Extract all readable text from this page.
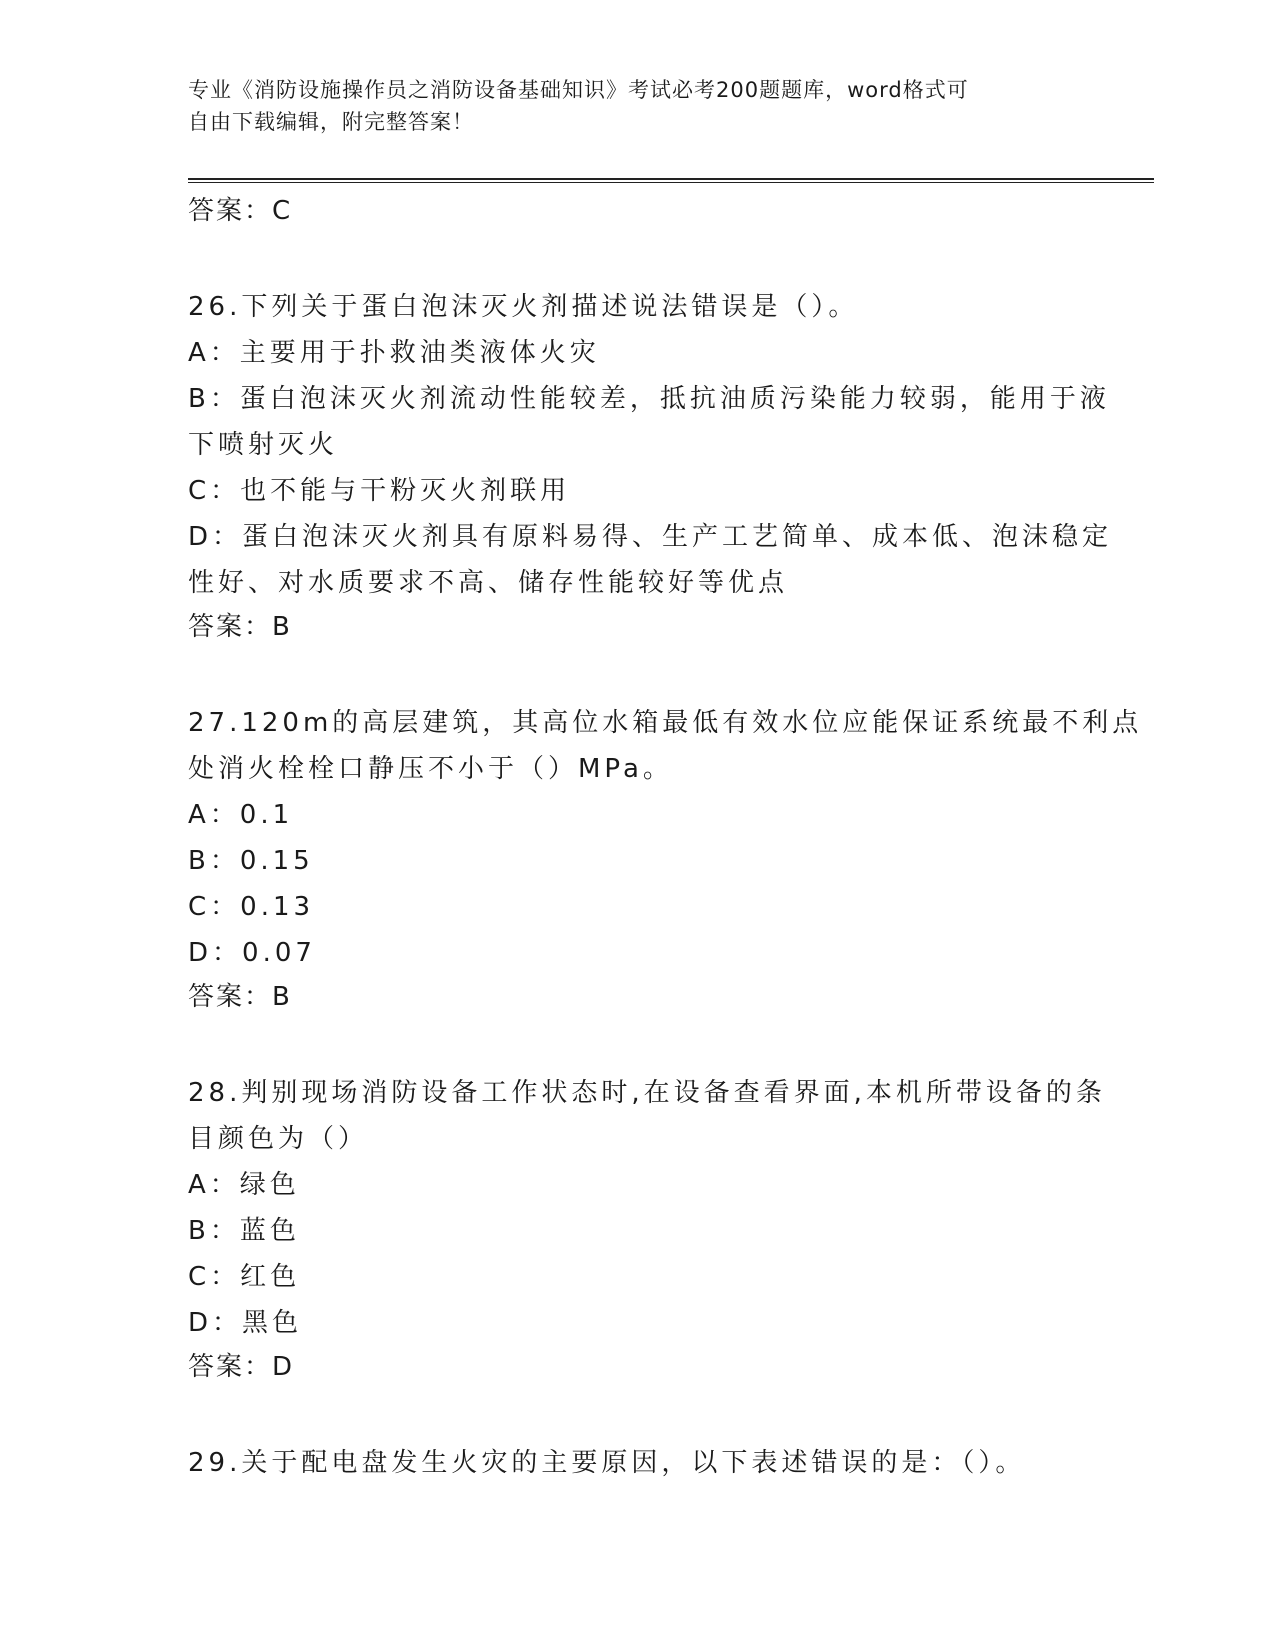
专业《消防设施操作员之消防设备基础知识》考试必考200题题库，word格式可
自由下载编辑，附完整答案！
答案：C
26.下列关于蛋白泡沫灭火剂描述说法错误是（）。
A：主要用于扑救油类液体火灾
B：蛋白泡沫灭火剂流动性能较差，抵抗油质污染能力较弱，能用于液
下喷射灭火
C：也不能与干粉灭火剂联用
D：蛋白泡沫灭火剂具有原料易得、生产工艺简单、成本低、泡沫稳定
性好、对水质要求不高、储存性能较好等优点
答案：B
27.120m的高层建筑，其高位水箱最低有效水位应能保证系统最不利点
处消火栓栓口静压不小于（）MPa。
A：0.1
B：0.15
C：0.13
D：0.07
答案：B
28.判别现场消防设备工作状态时,在设备查看界面,本机所带设备的条
目颜色为（）
A：绿色
B：蓝色
C：红色
D：黑色
答案：D
29.关于配电盘发生火灾的主要原因，以下表述错误的是：（）。
